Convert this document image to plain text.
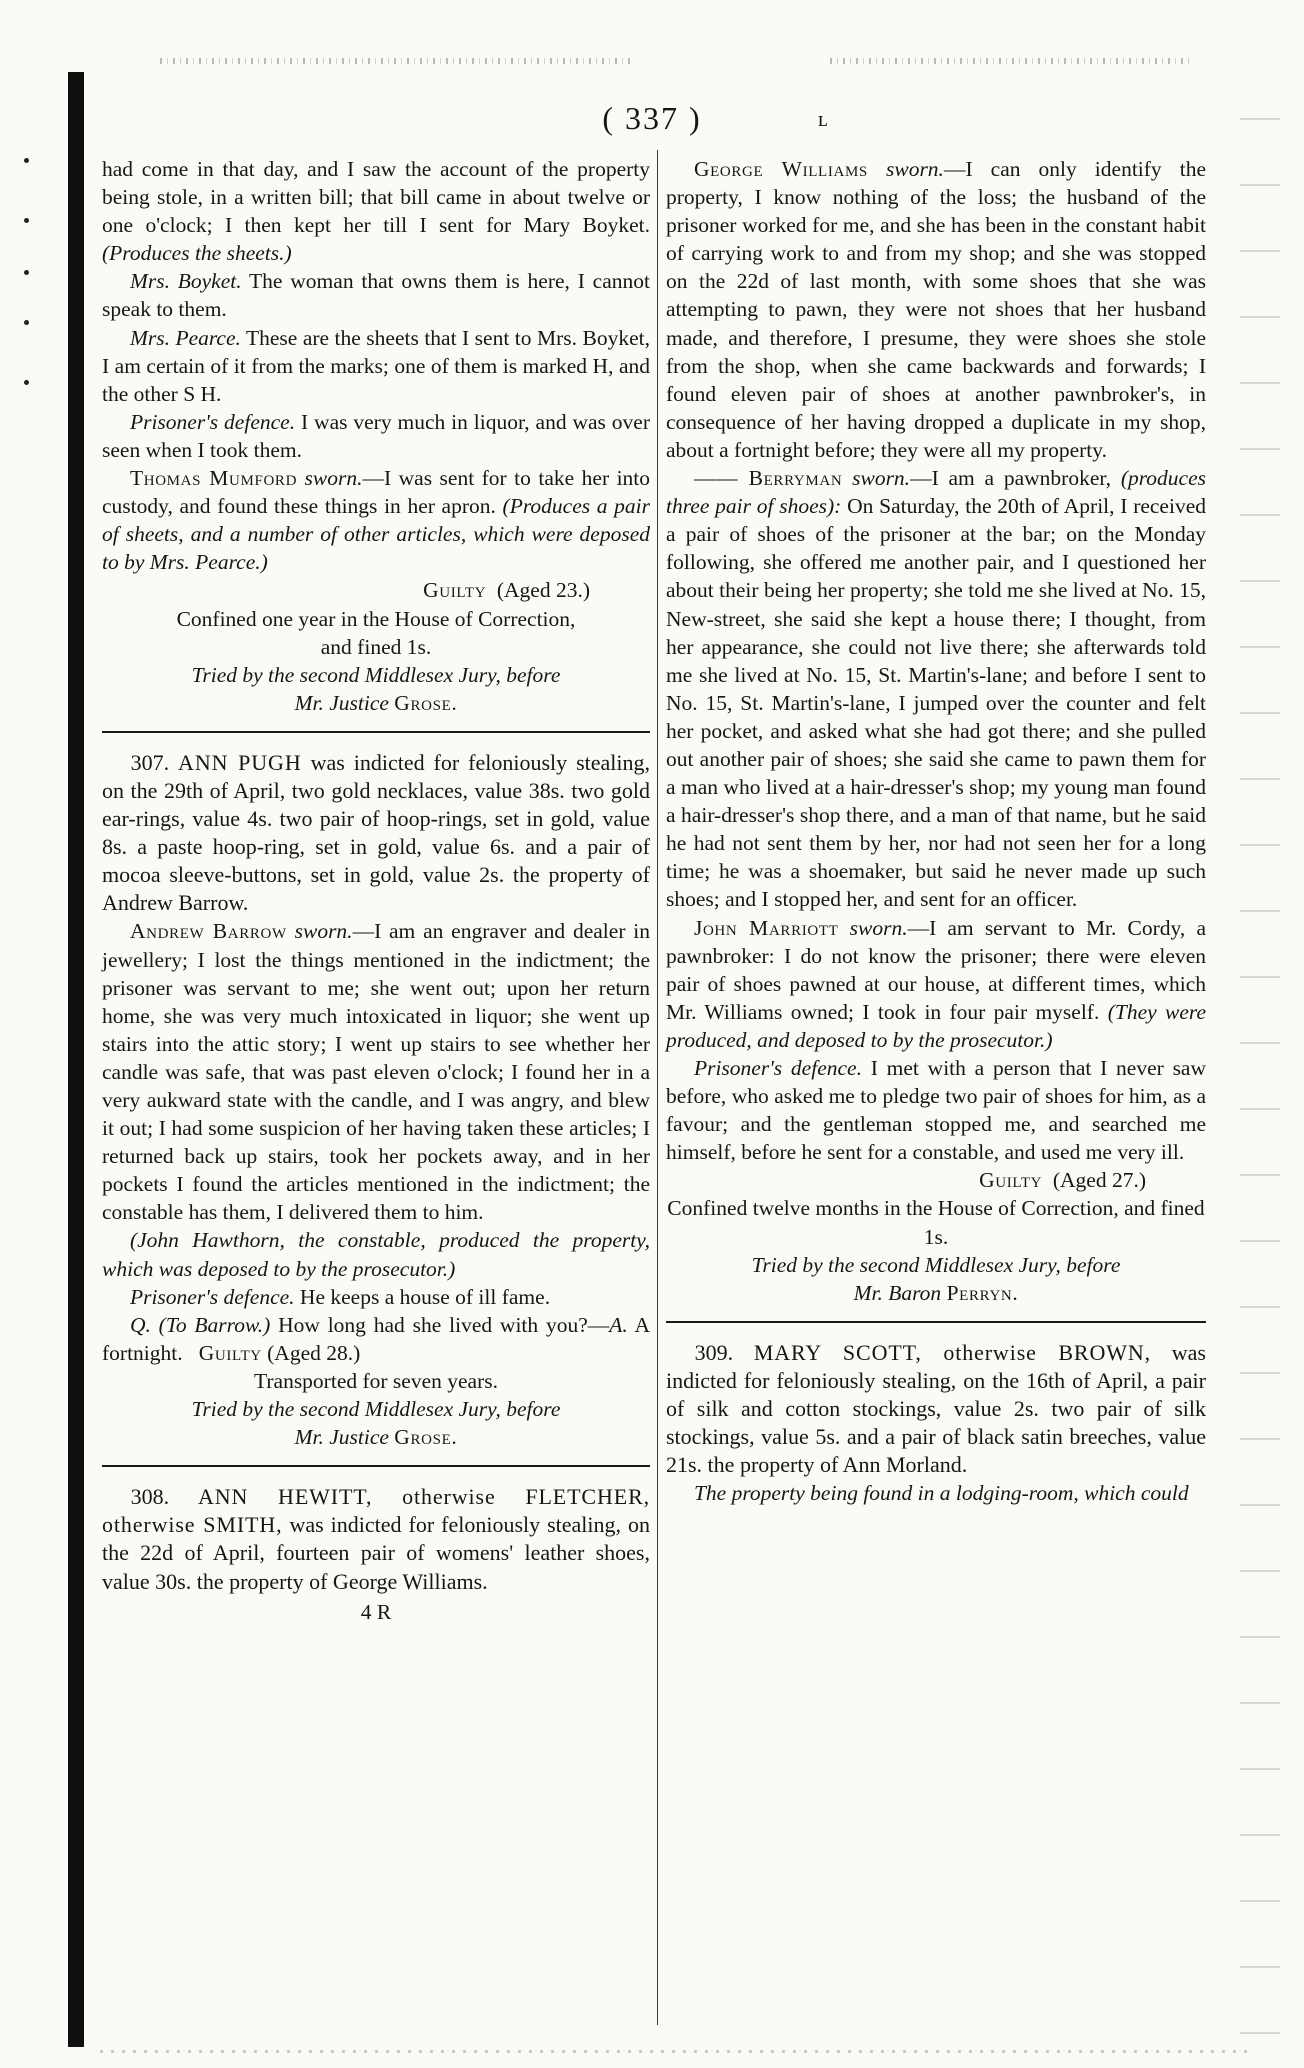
( 337 )	ʟ

had come in that day, and I saw the account of the property being stole, in a written bill; that bill came in about twelve or one o'clock; I then kept her till I sent for Mary Boyket. (Produces the sheets.)

Mrs. Boyket. The woman that owns them is here, I cannot speak to them.

Mrs. Pearce. These are the sheets that I sent to Mrs. Boyket, I am certain of it from the marks; one of them is marked H, and the other S H.

Prisoner's defence. I was very much in liquor, and was over seen when I took them.

Thomas Mumford sworn.—I was sent for to take her into custody, and found these things in her apron. (Produces a pair of sheets, and a number of other articles, which were deposed to by Mrs. Pearce.)

Guilty (Aged 23.)

Confined one year in the House of Correction,
and fined 1s.

Tried by the second Middlesex Jury, before
Mr. Justice Grose.

307. ANN PUGH was indicted for feloniously stealing, on the 29th of April, two gold necklaces, value 38s. two gold ear-rings, value 4s. two pair of hoop-rings, set in gold, value 8s. a paste hoop-ring, set in gold, value 6s. and a pair of mocoa sleeve-buttons, set in gold, value 2s. the property of Andrew Barrow.

Andrew Barrow sworn.—I am an engraver and dealer in jewellery; I lost the things mentioned in the indictment; the prisoner was servant to me; she went out; upon her return home, she was very much intoxicated in liquor; she went up stairs into the attic story; I went up stairs to see whether her candle was safe, that was past eleven o'clock; I found her in a very aukward state with the candle, and I was angry, and blew it out; I had some suspicion of her having taken these articles; I returned back up stairs, took her pockets away, and in her pockets I found the articles mentioned in the indictment; the constable has them, I delivered them to him.

(John Hawthorn, the constable, produced the property, which was deposed to by the prosecutor.)

Prisoner's defence. He keeps a house of ill fame.

Q. (To Barrow.) How long had she lived with you?—A. A fortnight. Guilty (Aged 28.)

Transported for seven years.

Tried by the second Middlesex Jury, before
Mr. Justice Grose.

308. ANN HEWITT, otherwise FLETCHER, otherwise SMITH, was indicted for feloniously stealing, on the 22d of April, fourteen pair of womens' leather shoes, value 30s. the property of George Williams.

4 R

George Williams sworn.—I can only identify the property, I know nothing of the loss; the husband of the prisoner worked for me, and she has been in the constant habit of carrying work to and from my shop; and she was stopped on the 22d of last month, with some shoes that she was attempting to pawn, they were not shoes that her husband made, and therefore, I presume, they were shoes she stole from the shop, when she came backwards and forwards; I found eleven pair of shoes at another pawnbroker's, in consequence of her having dropped a duplicate in my shop, about a fortnight before; they were all my property.

—— Berryman sworn.—I am a pawnbroker, (produces three pair of shoes): On Saturday, the 20th of April, I received a pair of shoes of the prisoner at the bar; on the Monday following, she offered me another pair, and I questioned her about their being her property; she told me she lived at No. 15, New-street, she said she kept a house there; I thought, from her appearance, she could not live there; she afterwards told me she lived at No. 15, St. Martin's-lane; and before I sent to No. 15, St. Martin's-lane, I jumped over the counter and felt her pocket, and asked what she had got there; and she pulled out another pair of shoes; she said she came to pawn them for a man who lived at a hair-dresser's shop; my young man found a hair-dresser's shop there, and a man of that name, but he said he had not sent them by her, nor had not seen her for a long time; he was a shoemaker, but said he never made up such shoes; and I stopped her, and sent for an officer.

John Marriott sworn.—I am servant to Mr. Cordy, a pawnbroker: I do not know the prisoner; there were eleven pair of shoes pawned at our house, at different times, which Mr. Williams owned; I took in four pair myself. (They were produced, and deposed to by the prosecutor.)

Prisoner's defence. I met with a person that I never saw before, who asked me to pledge two pair of shoes for him, as a favour; and the gentleman stopped me, and searched me himself, before he sent for a constable, and used me very ill.

Guilty (Aged 27.)

Confined twelve months in the House of Correction, and fined 1s.

Tried by the second Middlesex Jury, before
Mr. Baron Perryn.

309. MARY SCOTT, otherwise BROWN, was indicted for feloniously stealing, on the 16th of April, a pair of silk and cotton stockings, value 2s. two pair of silk stockings, value 5s. and a pair of black satin breeches, value 21s. the property of Ann Morland.

The property being found in a lodging-room, which could
